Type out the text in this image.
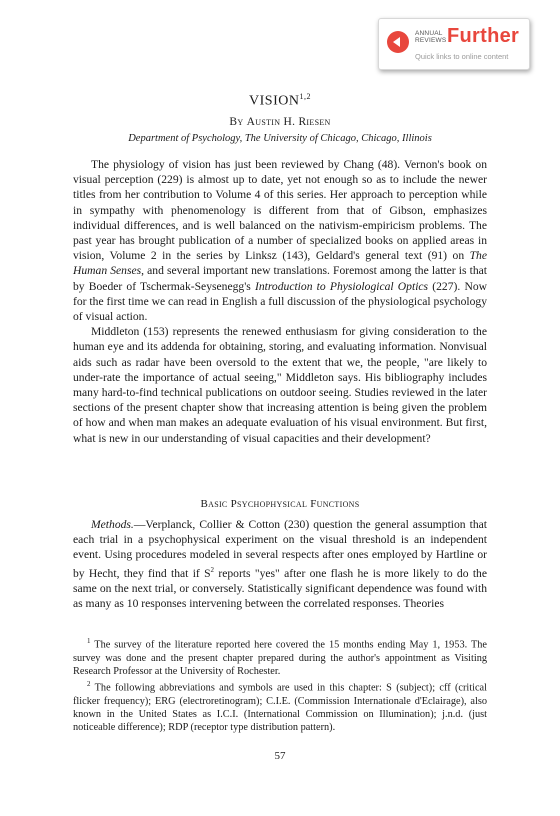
ANNUAL
REVIEWS Further
Quick links to online content
VISION$^{1,2}$
By Austin H. Riesen
Department of Psychology, The University of Chicago, Chicago, Illinois

The physiology of vision has just been reviewed by Chang (48). Vernon's book on visual perception (229) is almost up to date, yet not enough so as to include the newer titles from her contribution to Volume 4 of this series. Her approach to perception while in sympathy with phenomenology is different from that of Gibson, emphasizes individual differences, and is well balanced on the nativism-empiricism problems. The past year has brought publication of a number of specialized books on applied areas in vision, Volume 2 in the series by Linksz (143), Geldard's general text (91) on The Human Senses, and several important new translations. Foremost among the latter is that by Boeder of Tschermak-Seysenegg's Introduction to Physiological Optics (227). Now for the first time we can read in English a full discussion of the physiological psychology of visual action.

Middleton (153) represents the renewed enthusiasm for giving consideration to the human eye and its addenda for obtaining, storing, and evaluating information. Nonvisual aids such as radar have been oversold to the extent that we, the people, "are likely to under-rate the importance of actual seeing," Middleton says. His bibliography includes many hard-to-find technical publications on outdoor seeing. Studies reviewed in the later sections of the present chapter show that increasing attention is being given the problem of how and when man makes an adequate evaluation of his visual environment. But first, what is new in our understanding of visual capacities and their development?

Basic Psychophysical Functions

Methods.—Verplanck, Collier & Cotton (230) question the general assumption that each trial in a psychophysical experiment on the visual threshold is an independent event. Using procedures modeled in several respects after ones employed by Hartline or by Hecht, they find that if $S^2$ reports "yes" after one flash he is more likely to do the same on the next trial, or conversely. Statistically significant dependence was found with as many as 10 responses intervening between the correlated responses. Theories

$^1$ The survey of the literature reported here covered the 15 months ending May 1, 1953. The survey was done and the present chapter prepared during the author's appointment as Visiting Research Professor at the University of Rochester.

$^2$ The following abbreviations and symbols are used in this chapter: S (subject); cff (critical flicker frequency); ERG (electroretinogram); C.I.E. (Commission Internationale d'Eclairage), also known in the United States as I.C.I. (International Commission on Illumination); j.n.d. (just noticeable difference); RDP (receptor type distribution pattern).

57
